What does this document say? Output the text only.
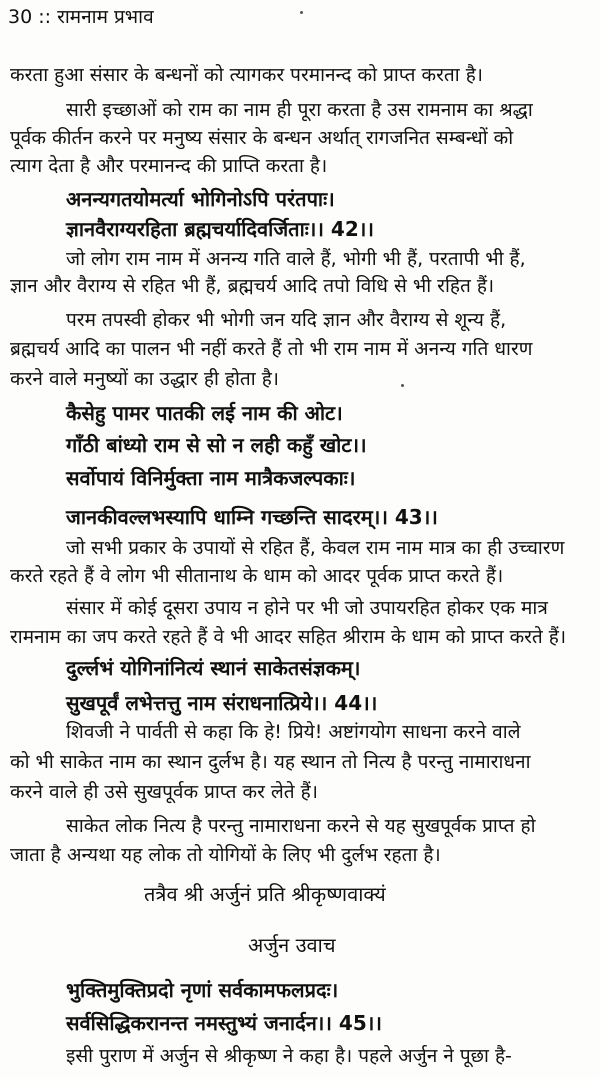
30 :: रामनाम प्रभाव
करता हुआ संसार के बन्धनों को त्यागकर परमानन्द को प्राप्त करता है।
सारी इच्छाओं को राम का नाम ही पूरा करता है उस रामनाम का श्रद्धा
पूर्वक कीर्तन करने पर मनुष्य संसार के बन्धन अर्थात् रागजनित सम्बन्धों को
त्याग देता है और परमानन्द की प्राप्ति करता है।
अनन्यगतयोमर्त्या भोगिनोऽपि परंतपाः।
ज्ञानवैराग्यरहिता ब्रह्मचर्यादिवर्जिताः।। 42।।
जो लोग राम नाम में अनन्य गति वाले हैं, भोगी भी हैं, परतापी भी हैं,
ज्ञान और वैराग्य से रहित भी हैं, ब्रह्मचर्य आदि तपो विधि से भी रहित हैं।
परम तपस्वी होकर भी भोगी जन यदि ज्ञान और वैराग्य से शून्य हैं,
ब्रह्मचर्य आदि का पालन भी नहीं करते हैं तो भी राम नाम में अनन्य गति धारण
करने वाले मनुष्यों का उद्धार ही होता है।
कैसेहु पामर पातकी लई नाम की ओट।
गाँठी बांध्यो राम से सो न लही कहुँ खोट।।
सर्वोपायं विनिर्मुक्ता नाम मात्रैकजल्पकाः।
जानकीवल्लभस्यापि धाम्नि गच्छन्ति सादरम्।। 43।।
जो सभी प्रकार के उपायों से रहित हैं, केवल राम नाम मात्र का ही उच्चारण
करते रहते हैं वे लोग भी सीतानाथ के धाम को आदर पूर्वक प्राप्त करते हैं।
संसार में कोई दूसरा उपाय न होने पर भी जो उपायरहित होकर एक मात्र
रामनाम का जप करते रहते हैं वे भी आदर सहित श्रीराम के धाम को प्राप्त करते हैं।
दुर्ल्लभं योगिनांनित्यं स्थानं साकेतसंज्ञकम्।
सुखपूर्वं लभेत्तत्तु नाम संराधनात्प्रिये।। 44।।
शिवजी ने पार्वती से कहा कि हे! प्रिये! अष्टांगयोग साधना करने वाले
को भी साकेत नाम का स्थान दुर्लभ है। यह स्थान तो नित्य है परन्तु नामाराधना
करने वाले ही उसे सुखपूर्वक प्राप्त कर लेते हैं।
साकेत लोक नित्य है परन्तु नामाराधना करने से यह सुखपूर्वक प्राप्त हो
जाता है अन्यथा यह लोक तो योगियों के लिए भी दुर्लभ रहता है।
तत्रैव श्री अर्जुनं प्रति श्रीकृष्णवाक्यं
अर्जुन उवाच
भुक्तिमुक्तिप्रदो नृणां सर्वकामफलप्रदः।
सर्वसिद्धिकरानन्त नमस्तुभ्यं जनार्दन।। 45।।
इसी पुराण में अर्जुन से श्रीकृष्ण ने कहा है। पहले अर्जुन ने पूछा है-
